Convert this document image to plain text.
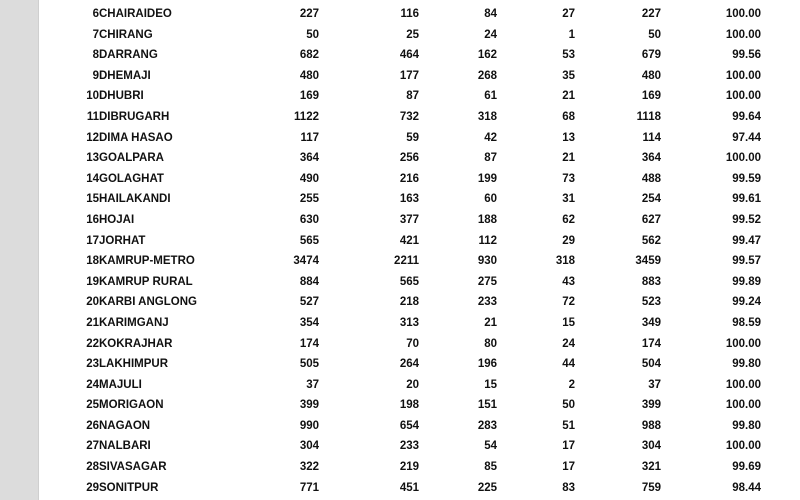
6	CHAIRAIDEO	227	116	84	27	227	100.00
7	CHIRANG	50	25	24	1	50	100.00
8	DARRANG	682	464	162	53	679	99.56
9	DHEMAJI	480	177	268	35	480	100.00
10	DHUBRI	169	87	61	21	169	100.00
11	DIBRUGARH	1122	732	318	68	1118	99.64
12	DIMA HASAO	117	59	42	13	114	97.44
13	GOALPARA	364	256	87	21	364	100.00
14	GOLAGHAT	490	216	199	73	488	99.59
15	HAILAKANDI	255	163	60	31	254	99.61
16	HOJAI	630	377	188	62	627	99.52
17	JORHAT	565	421	112	29	562	99.47
18	KAMRUP-METRO	3474	2211	930	318	3459	99.57
19	KAMRUP RURAL	884	565	275	43	883	99.89
20	KARBI ANGLONG	527	218	233	72	523	99.24
21	KARIMGANJ	354	313	21	15	349	98.59
22	KOKRAJHAR	174	70	80	24	174	100.00
23	LAKHIMPUR	505	264	196	44	504	99.80
24	MAJULI	37	20	15	2	37	100.00
25	MORIGAON	399	198	151	50	399	100.00
26	NAGAON	990	654	283	51	988	99.80
27	NALBARI	304	233	54	17	304	100.00
28	SIVASAGAR	322	219	85	17	321	99.69
29	SONITPUR	771	451	225	83	759	98.44
